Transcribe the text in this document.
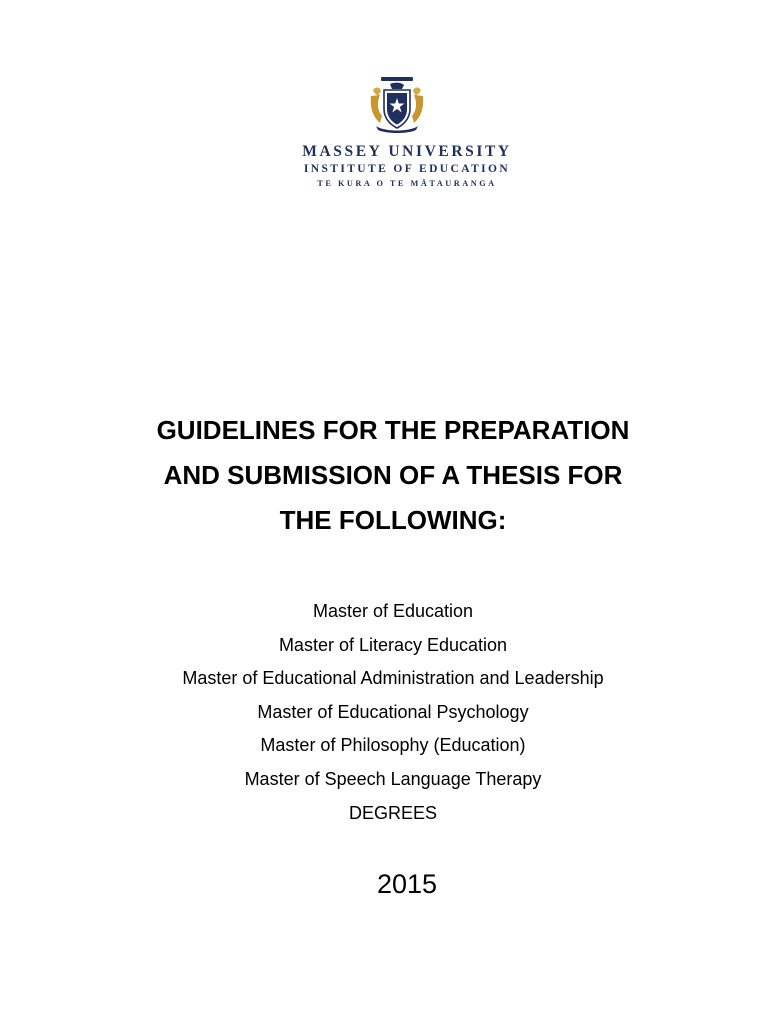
MASSEY UNIVERSITY
INSTITUTE OF EDUCATION
TE KURA O TE MĀTAURANGA
GUIDELINES FOR THE PREPARATION
AND SUBMISSION OF A THESIS FOR
THE FOLLOWING:
Master of Education
Master of Literacy Education
Master of Educational Administration and Leadership
Master of Educational Psychology
Master of Philosophy (Education)
Master of Speech Language Therapy
DEGREES
2015
